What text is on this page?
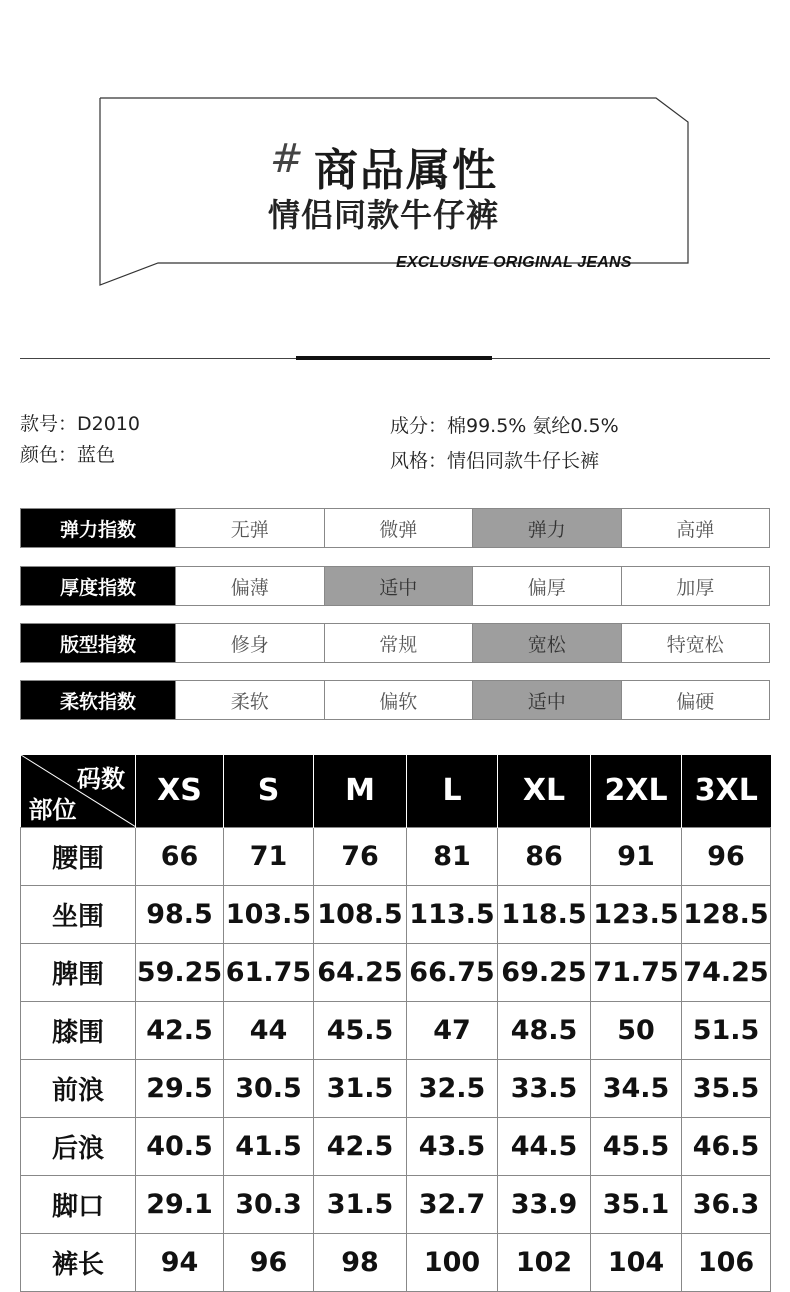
# 商品属性
情侣同款牛仔裤
EXCLUSIVE ORIGINAL JEANS
款号：D2010
颜色：蓝色
成分：棉99.5% 氨纶0.5%
风格：情侣同款牛仔长裤
弹力指数	无弹	微弹	弹力	高弹
厚度指数	偏薄	适中	偏厚	加厚
版型指数	修身	常规	宽松	特宽松
柔软指数	柔软	偏软	适中	偏硬
码数
部位	XS	S	M	L	XL	2XL	3XL
腰围	66	71	76	81	86	91	96
坐围	98.5	103.5	108.5	113.5	118.5	123.5	128.5
脾围	59.25	61.75	64.25	66.75	69.25	71.75	74.25
膝围	42.5	44	45.5	47	48.5	50	51.5
前浪	29.5	30.5	31.5	32.5	33.5	34.5	35.5
后浪	40.5	41.5	42.5	43.5	44.5	45.5	46.5
脚口	29.1	30.3	31.5	32.7	33.9	35.1	36.3
裤长	94	96	98	100	102	104	106
